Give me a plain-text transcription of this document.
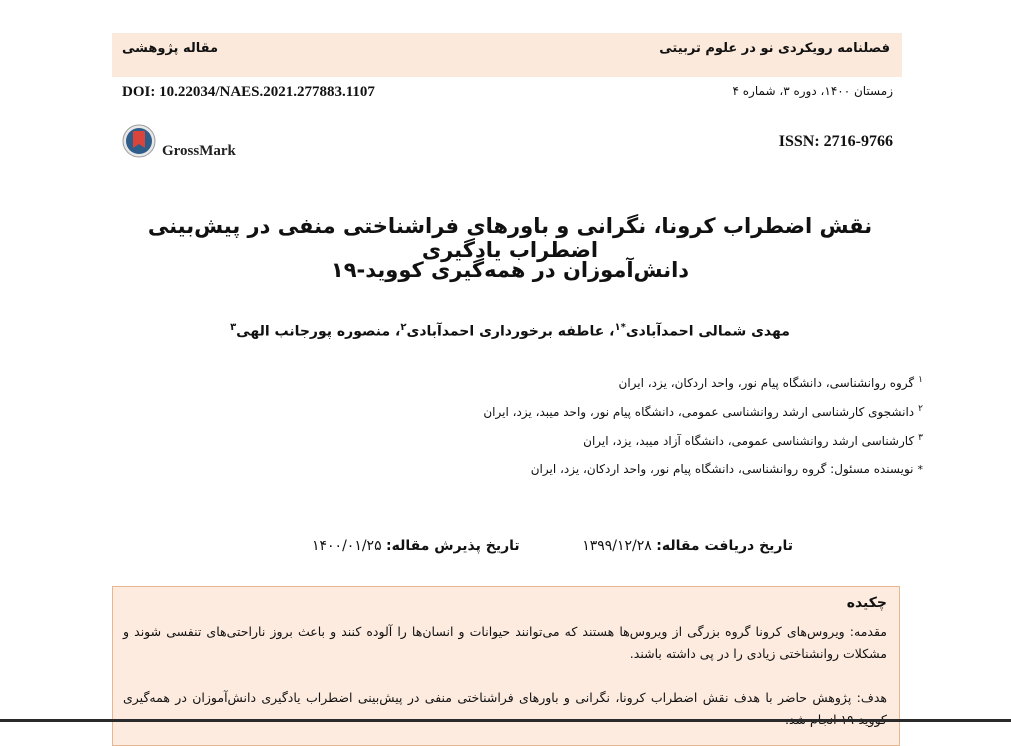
فصلنامه رویکردی نو در علوم تربیتی
مقاله پژوهشی
DOI: 10.22034/NAES.2021.277883.1107	زمستان ۱۴۰۰، دوره ۳، شماره ۴
GrossMark
ISSN: 2716-9766
نقش اضطراب کرونا، نگرانی و باورهای فراشناختی منفی در پیش‌بینی اضطراب یادگیری
دانش‌آموزان در همه‌گیری کووید-۱۹
مهدی شمالی احمدآبادی$^{*۱}$، عاطفه برخورداری احمدآبادی$^۲$، منصوره پورجانب الهی$^۳$
$^۱$گروه روانشناسی، دانشگاه پیام نور، واحد اردکان، یزد، ایران
$^۲$دانشجوی کارشناسی ارشد روانشناسی عمومی، دانشگاه پیام نور، واحد میبد، یزد، ایران
$^۳$کارشناسی ارشد روانشناسی عمومی، دانشگاه آزاد میبد، یزد، ایران
*نویسنده مسئول: گروه روانشناسی، دانشگاه پیام نور، واحد اردکان، یزد، ایران
تاریخ دریافت مقاله: ۱۳۹۹/۱۲/۲۸
تاریخ پذیرش مقاله: ۱۴۰۰/۰۱/۲۵
چکیده
مقدمه: ویروس‌های کرونا گروه بزرگی از ویروس‌ها هستند که می‌توانند حیوانات و انسان‌ها را آلوده کنند و باعث بروز ناراحتی‌های تنفسی شوند و مشکلات روانشناختی زیادی را در پی داشته باشند.
هدف: پژوهش حاضر با هدف نقش اضطراب کرونا، نگرانی و باورهای فراشناختی منفی در پیش‌بینی اضطراب یادگیری دانش‌آموزان در همه‌گیری
